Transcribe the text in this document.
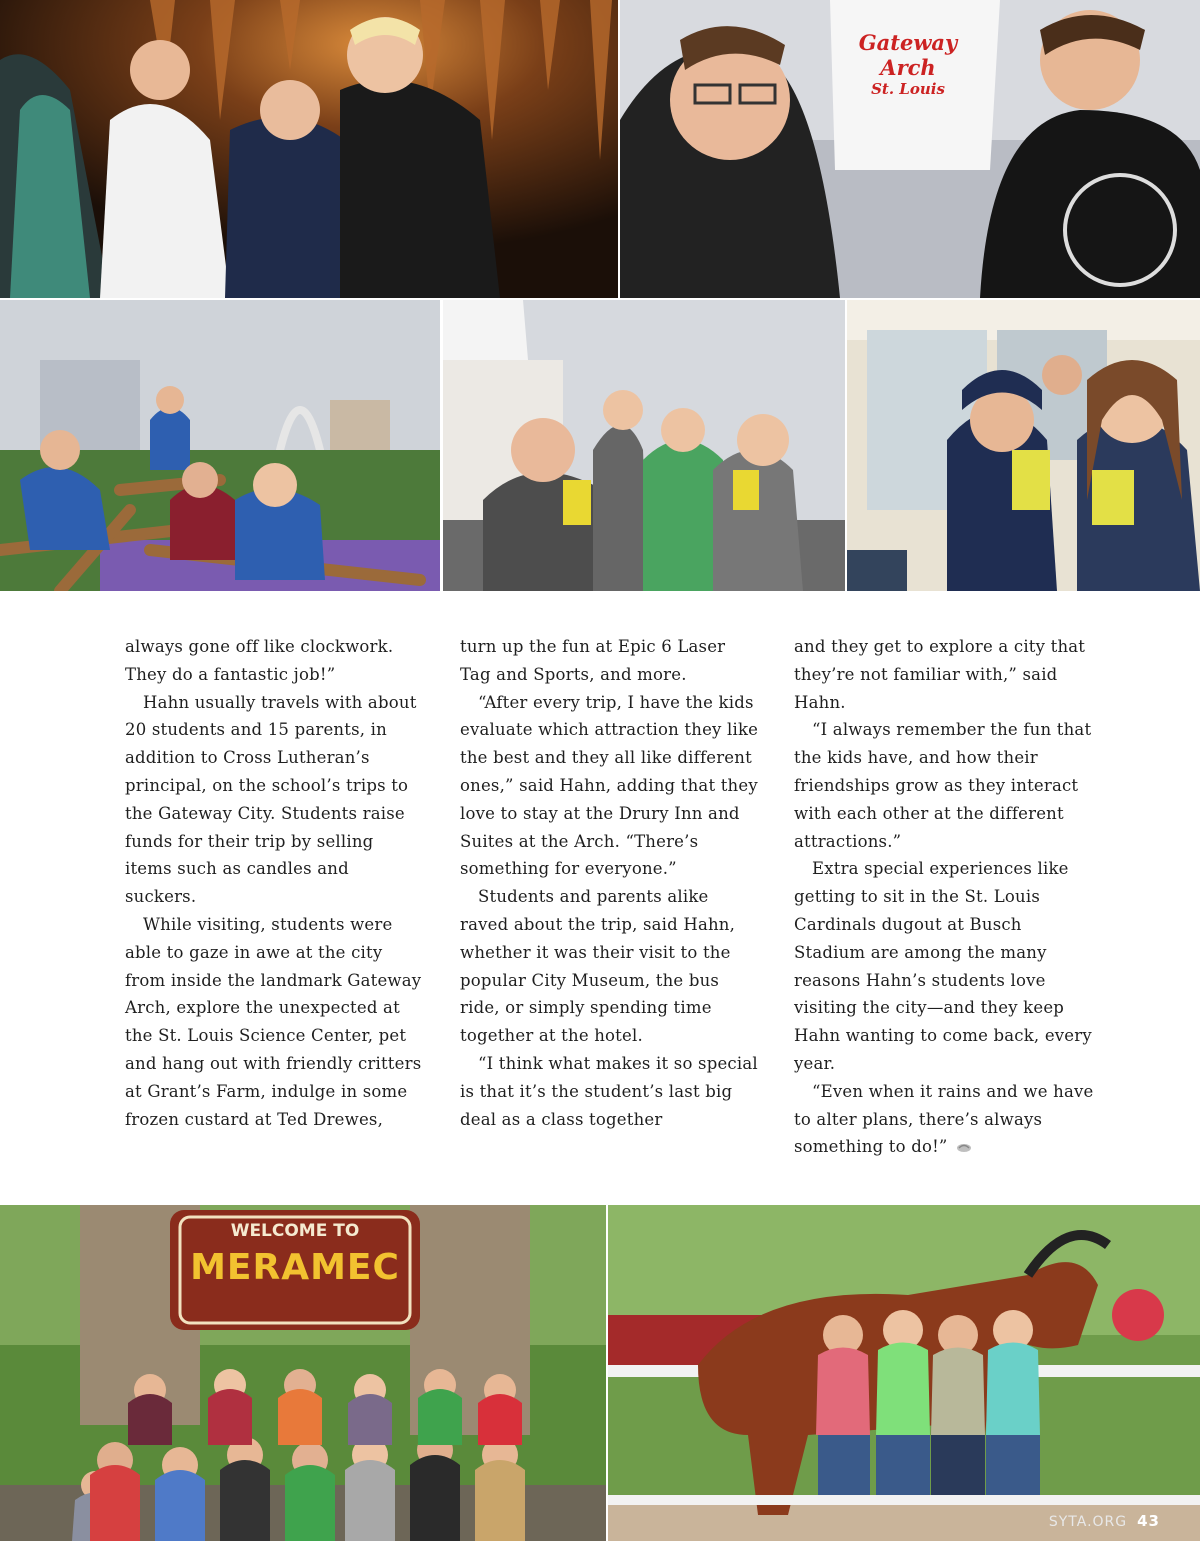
Gateway Arch
St. Louis

always gone off like clockwork. They do a fantastic job!”

Hahn usually travels with about 20 students and 15 parents, in addition to Cross Lutheran’s principal, on the school’s trips to the Gateway City. Students raise funds for their trip by selling items such as candles and suckers.

While visiting, students were able to gaze in awe at the city from inside the landmark Gateway Arch, explore the unexpected at the St. Louis Science Center, pet and hang out with friendly critters at Grant’s Farm, indulge in some frozen custard at Ted Drewes,

turn up the fun at Epic 6 Laser Tag and Sports, and more.

“After every trip, I have the kids evaluate which attraction they like the best and they all like different ones,” said Hahn, adding that they love to stay at the Drury Inn and Suites at the Arch. “There’s something for everyone.”

Students and parents alike raved about the trip, said Hahn, whether it was their visit to the popular City Museum, the bus ride, or simply spending time together at the hotel.

“I think what makes it so special is that it’s the student’s last big deal as a class together

and they get to explore a city that they’re not familiar with,” said Hahn.

“I always remember the fun that the kids have, and how their friendships grow as they interact with each other at the different attractions.”

Extra special experiences like getting to sit in the St. Louis Cardinals dugout at Busch Stadium are among the many reasons Hahn’s students love visiting the city—and they keep Hahn wanting to come back, every year.

“Even when it rains and we have to alter plans, there’s always something to do!”

WELCOME TO
MERAMEC
SYTA.ORG 43
